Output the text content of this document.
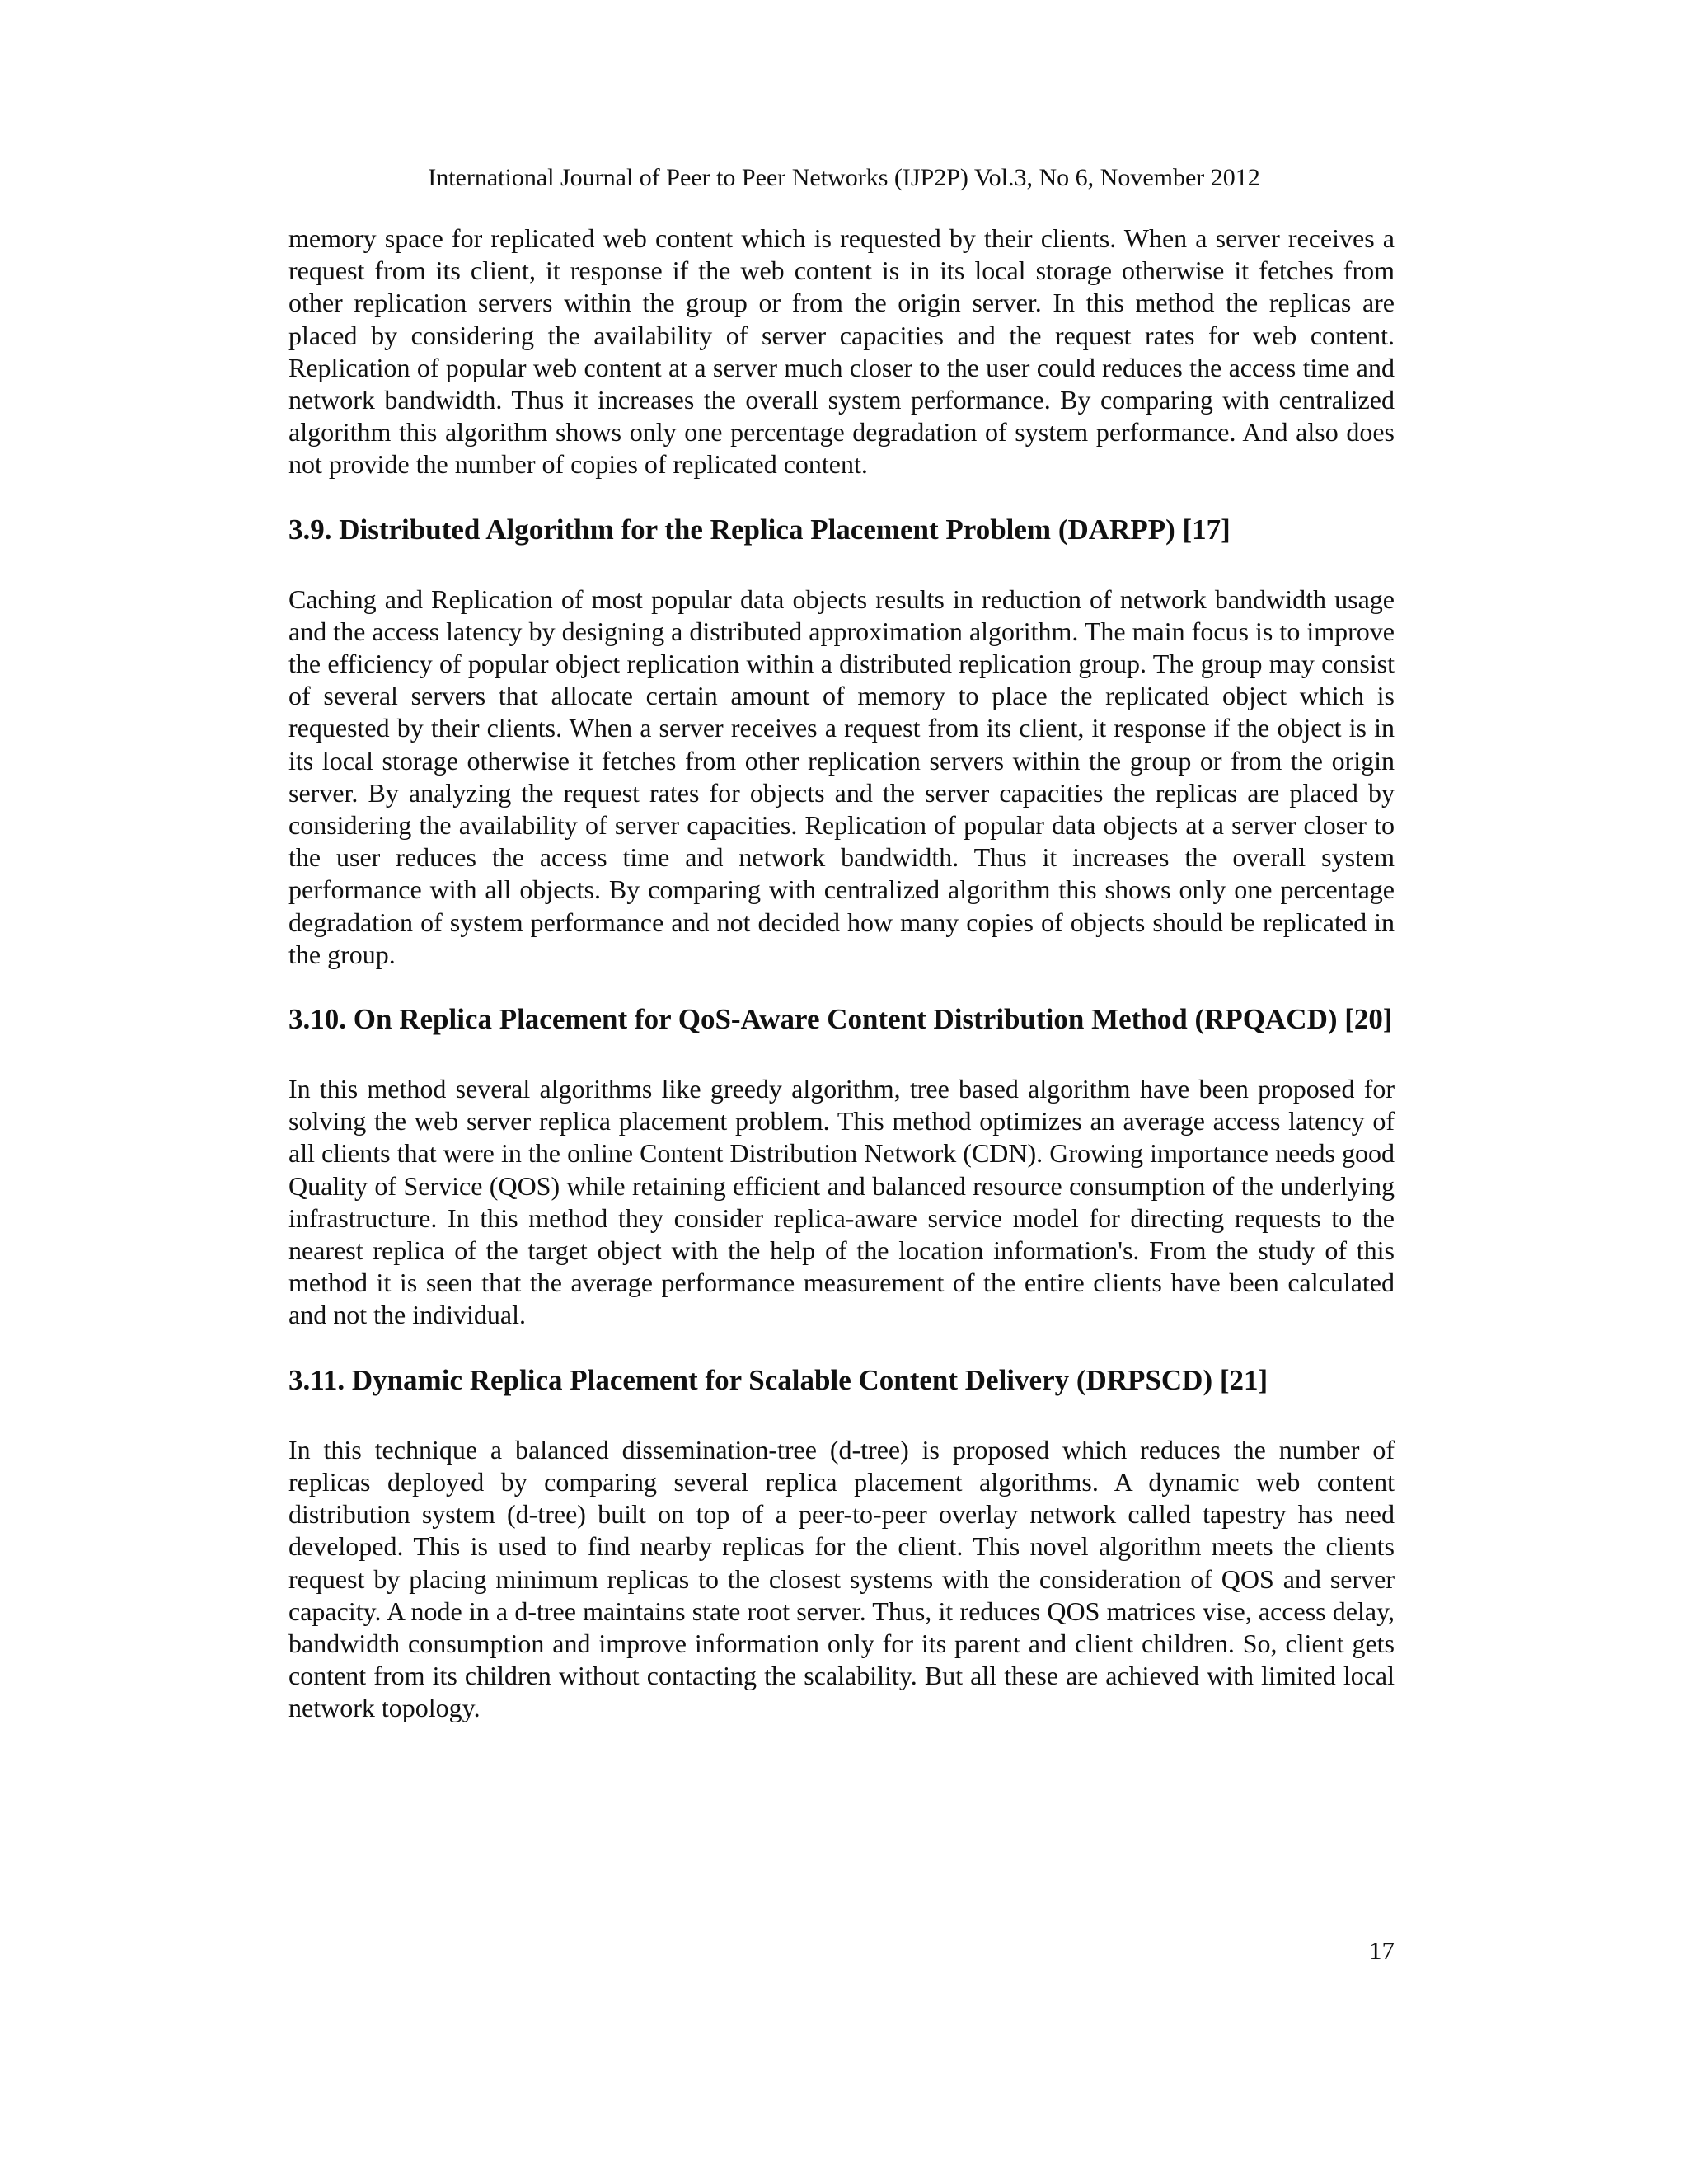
International Journal of Peer to Peer Networks (IJP2P) Vol.3, No 6, November 2012

memory space for replicated web content which is requested by their clients. When a server receives a request from its client, it response if the web content is in its local storage otherwise it fetches from other replication servers within the group or from the origin server. In this method the replicas are placed by considering the availability of server capacities and the request rates for web content. Replication of popular web content at a server much closer to the user could reduces the access time and network bandwidth. Thus it increases the overall system performance. By comparing with centralized algorithm this algorithm shows only one percentage degradation of system performance. And also does not provide the number of copies of replicated content.

3.9. Distributed Algorithm for the Replica Placement Problem (DARPP) [17]

Caching and Replication of most popular data objects results in reduction of network bandwidth usage and the access latency by designing a distributed approximation algorithm. The main focus is to improve the efficiency of popular object replication within a distributed replication group. The group may consist of several servers that allocate certain amount of memory to place the replicated object which is requested by their clients. When a server receives a request from its client, it response if the object is in its local storage otherwise it fetches from other replication servers within the group or from the origin server. By analyzing the request rates for objects and the server capacities the replicas are placed by considering the availability of server capacities. Replication of popular data objects at a server closer to the user reduces the access time and network bandwidth. Thus it increases the overall system performance with all objects. By comparing with centralized algorithm this shows only one percentage degradation of system performance and not decided how many copies of objects should be replicated in the group.

3.10. On Replica Placement for QoS-Aware Content Distribution Method (RPQACD) [20]

In this method several algorithms like greedy algorithm, tree based algorithm have been proposed for solving the web server replica placement problem. This method optimizes an average access latency of all clients that were in the online Content Distribution Network (CDN). Growing importance needs good Quality of Service (QOS) while retaining efficient and balanced resource consumption of the underlying infrastructure. In this method they consider replica-aware service model for directing requests to the nearest replica of the target object with the help of the location information's. From the study of this method it is seen that the average performance measurement of the entire clients have been calculated and not the individual.

3.11. Dynamic Replica Placement for Scalable Content Delivery (DRPSCD) [21]

In this technique a balanced dissemination-tree (d-tree) is proposed which reduces the number of replicas deployed by comparing several replica placement algorithms. A dynamic web content distribution system (d-tree) built on top of a peer-to-peer overlay network called tapestry has need developed. This is used to find nearby replicas for the client. This novel algorithm meets the clients request by placing minimum replicas to the closest systems with the consideration of QOS and server capacity. A node in a d-tree maintains state root server. Thus, it reduces QOS matrices vise, access delay, bandwidth consumption and improve information only for its parent and client children. So, client gets content from its children without contacting the scalability. But all these are achieved with limited local network topology.

17
